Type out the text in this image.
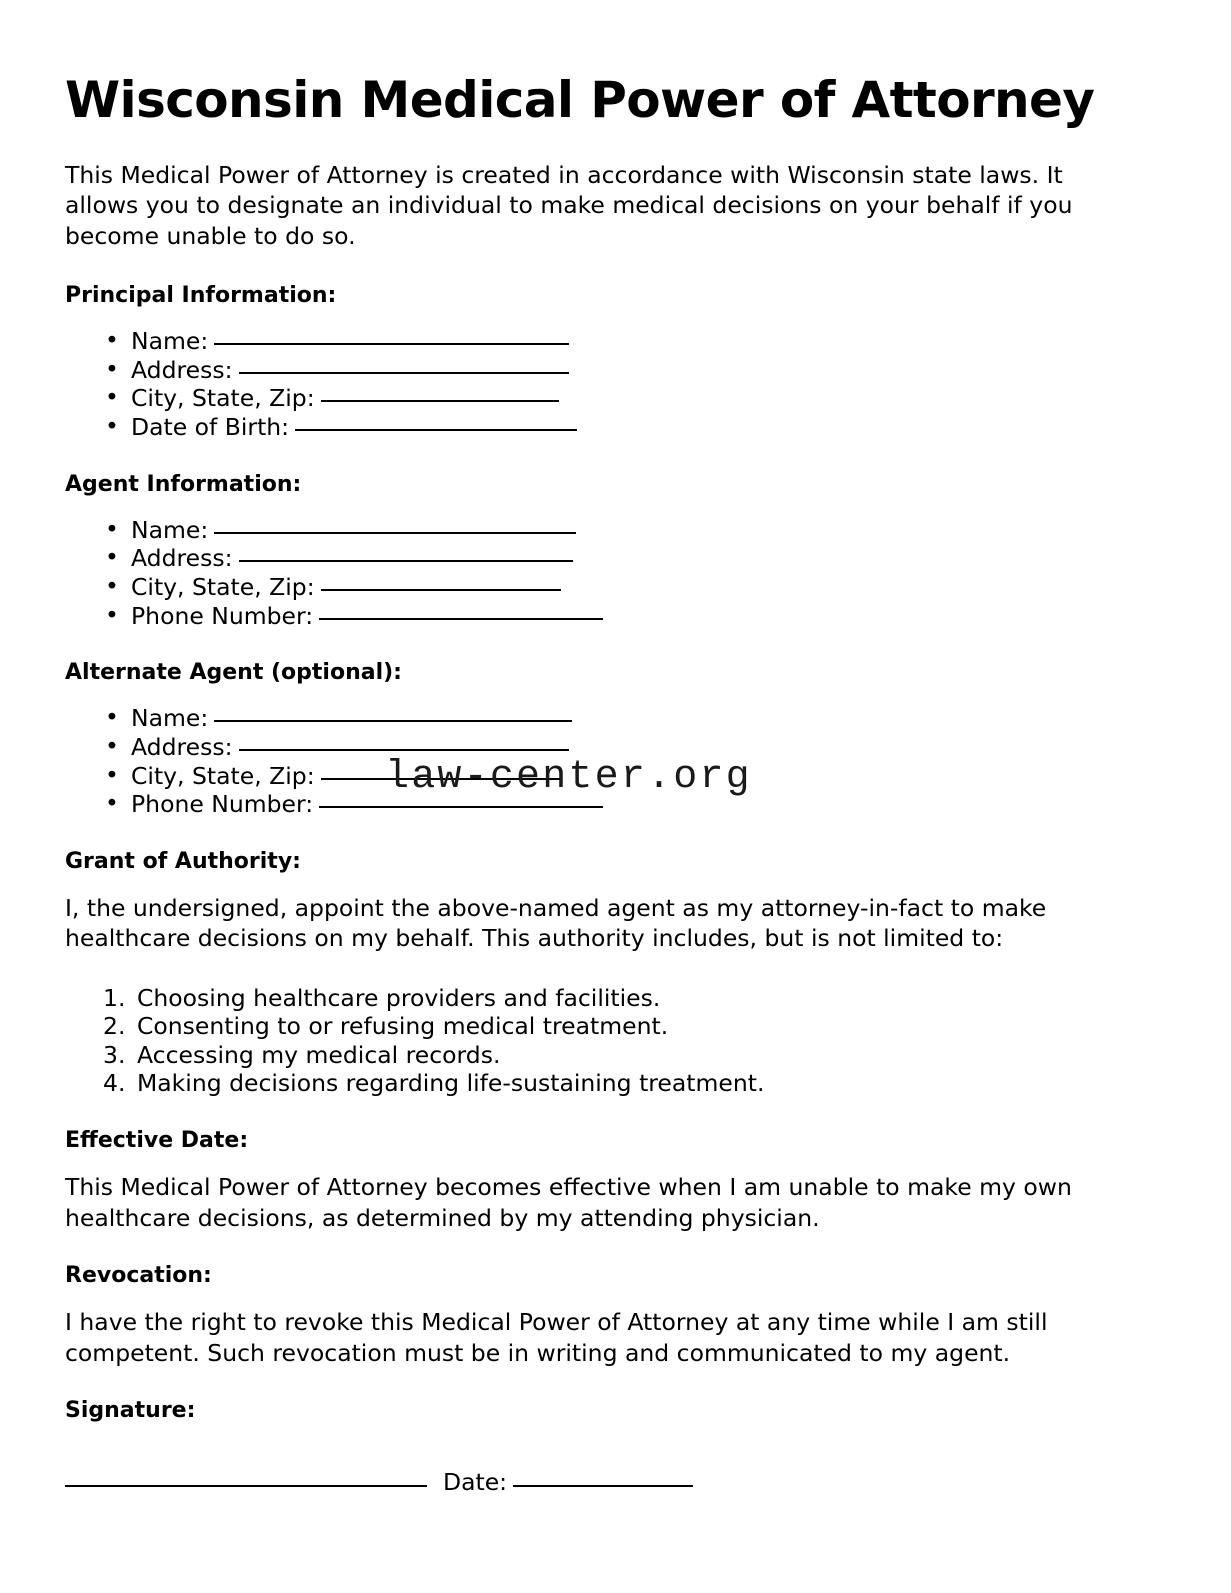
Wisconsin Medical Power of Attorney

This Medical Power of Attorney is created in accordance with Wisconsin state laws. It allows you to designate an individual to make medical decisions on your behalf if you become unable to do so.

Principal Information:
• Name:
• Address:
• City, State, Zip:
• Date of Birth:
Agent Information:
• Name:
• Address:
• City, State, Zip:
• Phone Number:
Alternate Agent (optional):
• Name:
• Address:
• City, State, Zip:
• Phone Number:
Grant of Authority:

I, the undersigned, appoint the above-named agent as my attorney-in-fact to make healthcare decisions on my behalf. This authority includes, but is not limited to:

Choosing healthcare providers and facilities.
Consenting to or refusing medical treatment.
Accessing my medical records.
Making decisions regarding life-sustaining treatment.
Effective Date:

This Medical Power of Attorney becomes effective when I am unable to make my own healthcare decisions, as determined by my attending physician.

Revocation:

I have the right to revoke this Medical Power of Attorney at any time while I am still competent. Such revocation must be in writing and communicated to my agent.

Signature:
Date:
law-center.org
